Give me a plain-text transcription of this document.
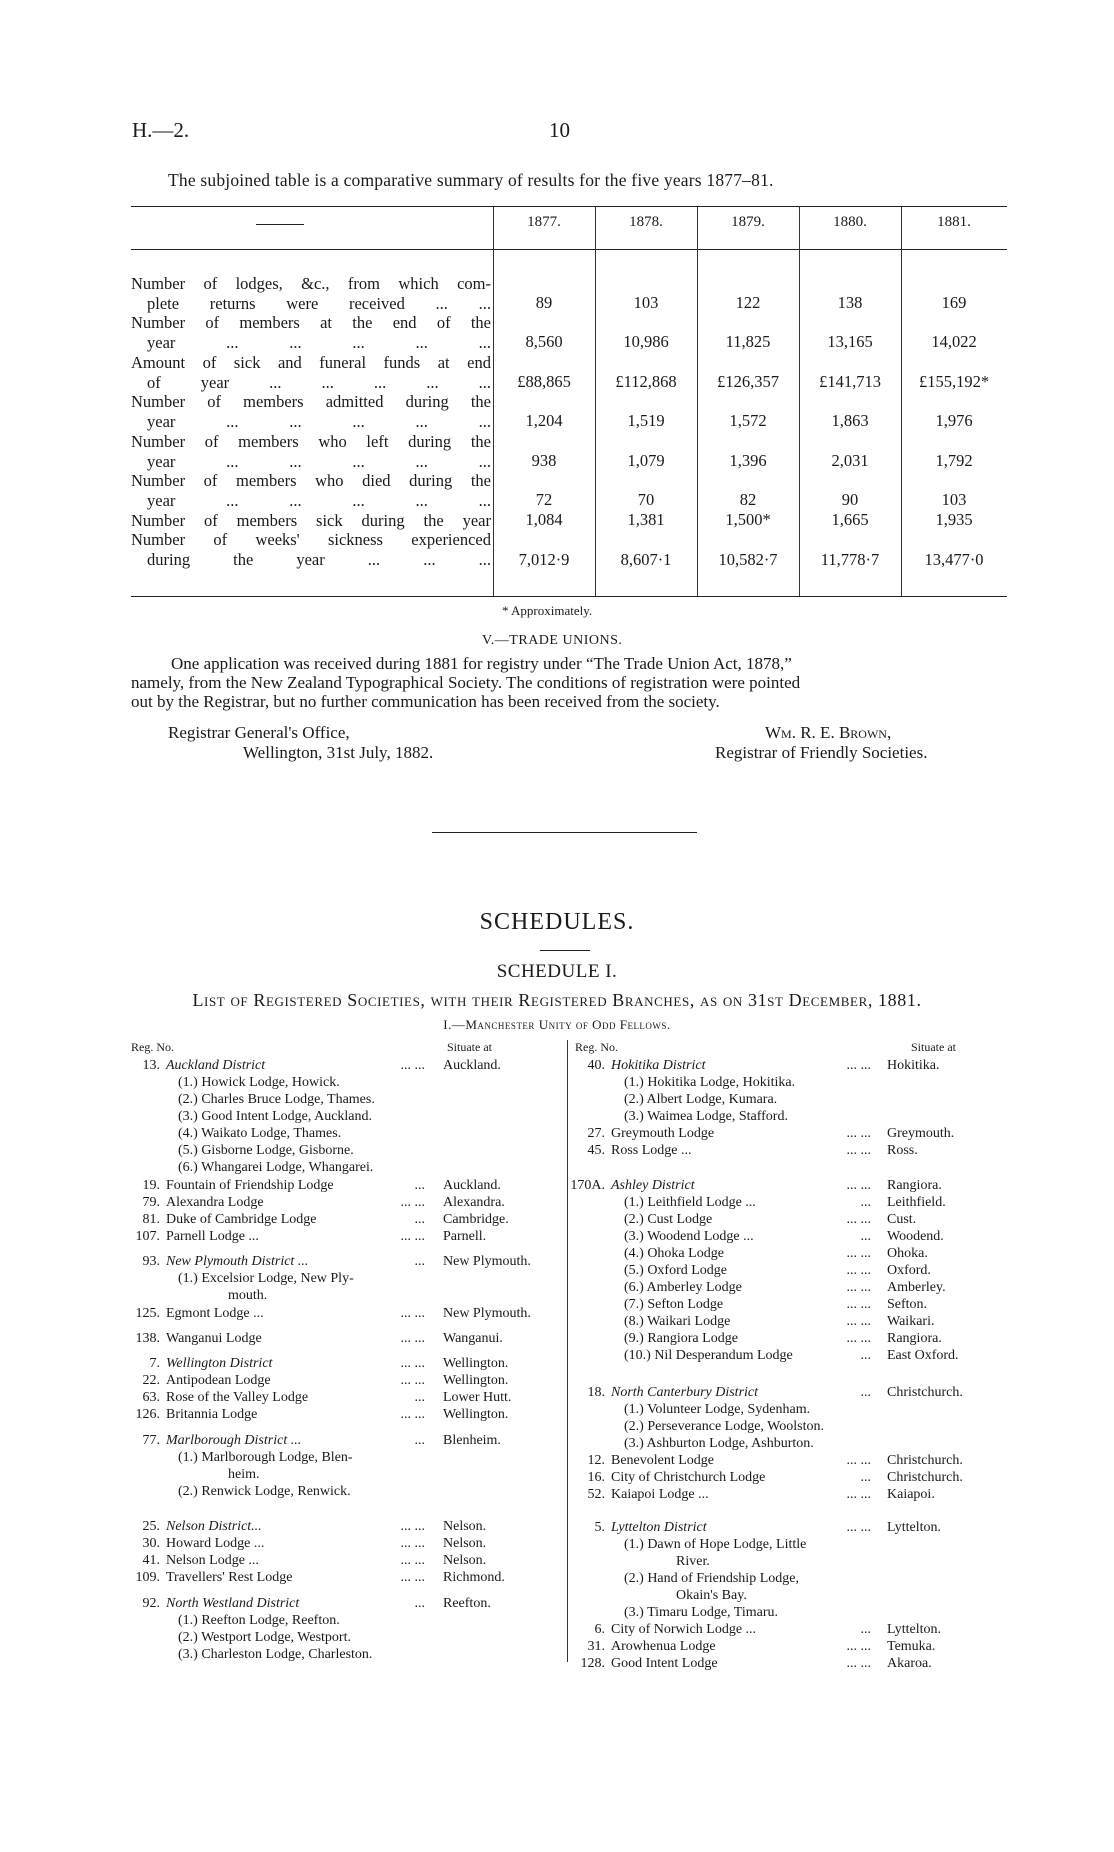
H.—2.	10
The subjoined table is a comparative summary of results for the five years 1877–81.
1877.	1878.	1879.	1880.	1881.
Number of lodges, &c., from which com-
plete returns were received ... ...	89	103	122	138	169
Number of members at the end of the
year ... ... ... ... ...	8,560	10,986	11,825	13,165	14,022
Amount of sick and funeral funds at end
of year ... ... ... ... ...	£88,865	£112,868	£126,357	£141,713	£155,192*
Number of members admitted during the
year ... ... ... ... ...	1,204	1,519	1,572	1,863	1,976
Number of members who left during the
year ... ... ... ... ...	938	1,079	1,396	2,031	1,792
Number of members who died during the
year ... ... ... ... ...	72	70	82	90	103
Number of members sick during the year	1,084	1,381	1,500*	1,665	1,935
Number of weeks' sickness experienced
during the year ... ... ...	7,012·9	8,607·1	10,582·7	11,778·7	13,477·0
* Approximately.
V.—TRADE UNIONS.
One application was received during 1881 for registry under “The Trade Union Act, 1878,”
namely, from the New Zealand Typographical Society. The conditions of registration were pointed
out by the Registrar, but no further communication has been received from the society.
Registrar General's Office,
Wellington, 31st July, 1882.
Wm. R. E. Brown,
Registrar of Friendly Societies.
SCHEDULES.
SCHEDULE I.
List of Registered Societies, with their Registered Branches, as on 31st December, 1881.
I.—Manchester Unity of Odd Fellows.
Reg. No.	Situate at	Reg. No.	Situate at
13. Auckland District	... ... Auckland.
(1.) Howick Lodge, Howick.
(2.) Charles Bruce Lodge, Thames.
(3.) Good Intent Lodge, Auckland.
(4.) Waikato Lodge, Thames.
(5.) Gisborne Lodge, Gisborne.
(6.) Whangarei Lodge, Whangarei.
19. Fountain of Friendship Lodge	... Auckland.
79. Alexandra Lodge	... ... Alexandra.
81. Duke of Cambridge Lodge	... Cambridge.
107. Parnell Lodge ...	... ... Parnell.
93. New Plymouth District ...	... New Plymouth.
(1.) Excelsior Lodge, New Ply-
mouth.
125. Egmont Lodge ...	... ... New Plymouth.
138. Wanganui Lodge	... ... Wanganui.
7. Wellington District	... ... Wellington.
22. Antipodean Lodge	... ... Wellington.
63. Rose of the Valley Lodge	... Lower Hutt.
126. Britannia Lodge	... ... Wellington.
77. Marlborough District ...	... Blenheim.
(1.) Marlborough Lodge, Blen-
heim.
(2.) Renwick Lodge, Renwick.
25. Nelson District...	... ... Nelson.
30. Howard Lodge ...	... ... Nelson.
41. Nelson Lodge ...	... ... Nelson.
109. Travellers' Rest Lodge	... ... Richmond.
92. North Westland District	... Reefton.
(1.) Reefton Lodge, Reefton.
(2.) Westport Lodge, Westport.
(3.) Charleston Lodge, Charleston.
40. Hokitika District	... ... Hokitika.
(1.) Hokitika Lodge, Hokitika.
(2.) Albert Lodge, Kumara.
(3.) Waimea Lodge, Stafford.
27. Greymouth Lodge	... ... Greymouth.
45. Ross Lodge ...	... ... Ross.
170A. Ashley District	... ... Rangiora.
(1.) Leithfield Lodge ...	... Leithfield.
(2.) Cust Lodge	... ... Cust.
(3.) Woodend Lodge ...	... Woodend.
(4.) Ohoka Lodge	... ... Ohoka.
(5.) Oxford Lodge	... ... Oxford.
(6.) Amberley Lodge	... ... Amberley.
(7.) Sefton Lodge	... ... Sefton.
(8.) Waikari Lodge	... ... Waikari.
(9.) Rangiora Lodge	... ... Rangiora.
(10.) Nil Desperandum Lodge	... East Oxford.
18. North Canterbury District	... Christchurch.
(1.) Volunteer Lodge, Sydenham.
(2.) Perseverance Lodge, Woolston.
(3.) Ashburton Lodge, Ashburton.
12. Benevolent Lodge	... ... Christchurch.
16. City of Christchurch Lodge	... Christchurch.
52. Kaiapoi Lodge ...	... ... Kaiapoi.
5. Lyttelton District	... ... Lyttelton.
(1.) Dawn of Hope Lodge, Little
River.
(2.) Hand of Friendship Lodge,
Okain's Bay.
(3.) Timaru Lodge, Timaru.
6. City of Norwich Lodge ...	... Lyttelton.
31. Arowhenua Lodge	... ... Temuka.
128. Good Intent Lodge	... ... Akaroa.
